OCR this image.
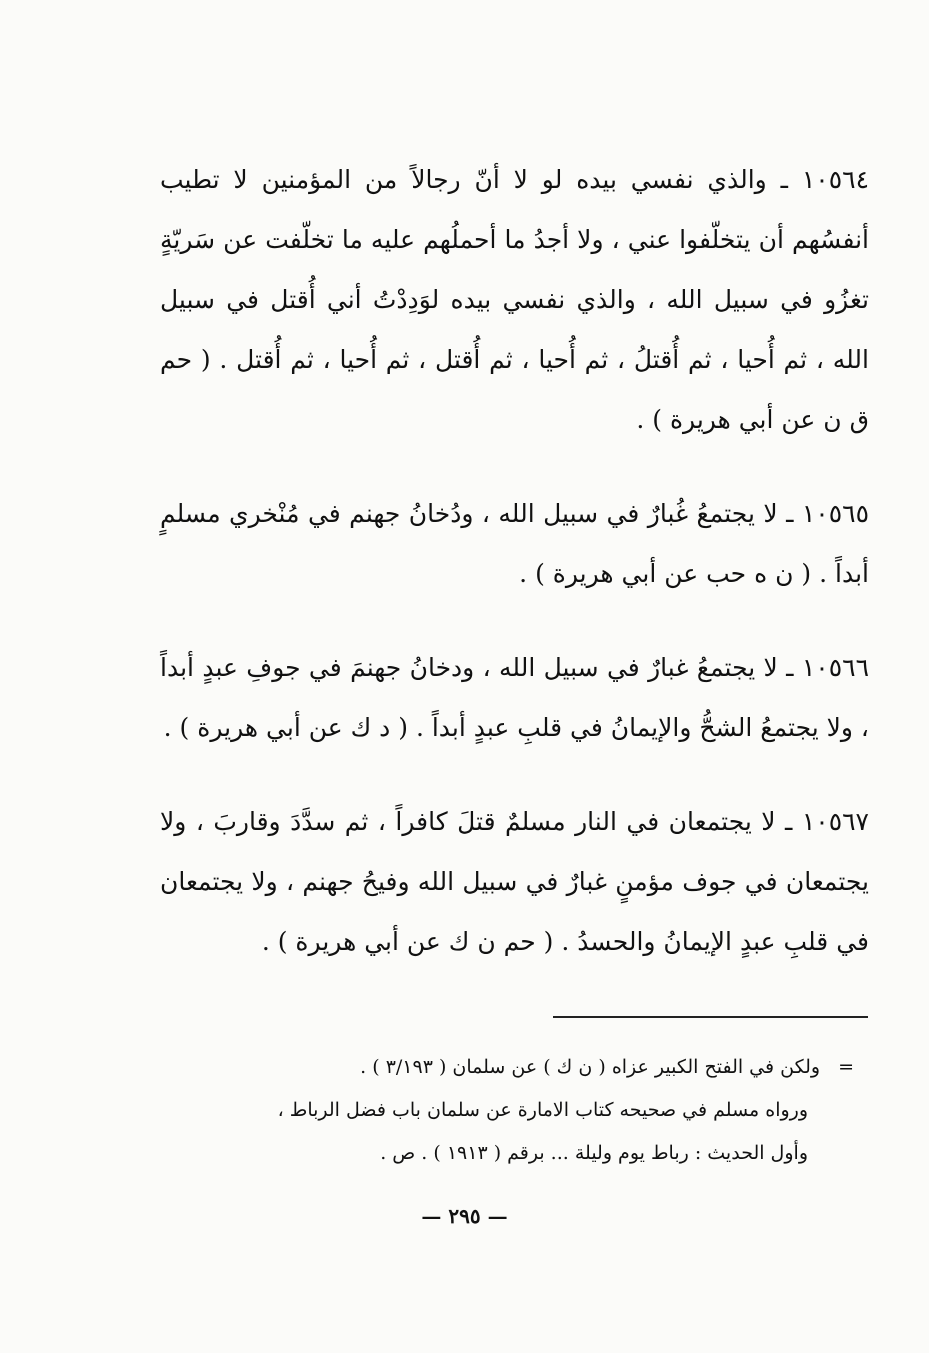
١٠٥٦٤ ـ والذي نفسي بيده لو لا أنّ رجالاً من المؤمنين لا تطيب أنفسُهم أن يتخلّفوا عني ، ولا أجدُ ما أحملُهم عليه ما تخلّفت عن سَريّةٍ تغزُو في سبيل الله ، والذي نفسي بيده لوَدِدْتُ أني أُقتل في سبيل الله ، ثم أُحيا ، ثم أُقتلُ ، ثم أُحيا ، ثم أُقتل ، ثم أُحيا ، ثم أُقتل . ( حم ق ن عن أبي هريرة ) .

١٠٥٦٥ ـ لا يجتمعُ غُبارٌ في سبيل الله ، ودُخانُ جهنم في مُنْخري مسلمٍ أبداً . ( ن ه حب عن أبي هريرة ) .

١٠٥٦٦ ـ لا يجتمعُ غبارٌ في سبيل الله ، ودخانُ جهنمَ في جوفِ عبدٍ أبداً ، ولا يجتمعُ الشحُّ والإيمانُ في قلبِ عبدٍ أبداً . ( د ك عن أبي هريرة ) .

١٠٥٦٧ ـ لا يجتمعان في النار مسلمٌ قتلَ كافراً ، ثم سدَّدَ وقاربَ ، ولا يجتمعان في جوف مؤمنٍ غبارٌ في سبيل الله وفيحُ جهنم ، ولا يجتمعان في قلبِ عبدٍ الإيمانُ والحسدُ . ( حم ن ك عن أبي هريرة ) .

=ولكن في الفتح الكبير عزاه ( ن ك ) عن سلمان ( ٣/١٩٣ ) .

ورواه مسلم في صحيحه كتاب الامارة عن سلمان باب فضل الرباط ،

وأول الحديث : رباط يوم وليلة ... برقم ( ١٩١٣ ) . ص .

— ٢٩٥ —
